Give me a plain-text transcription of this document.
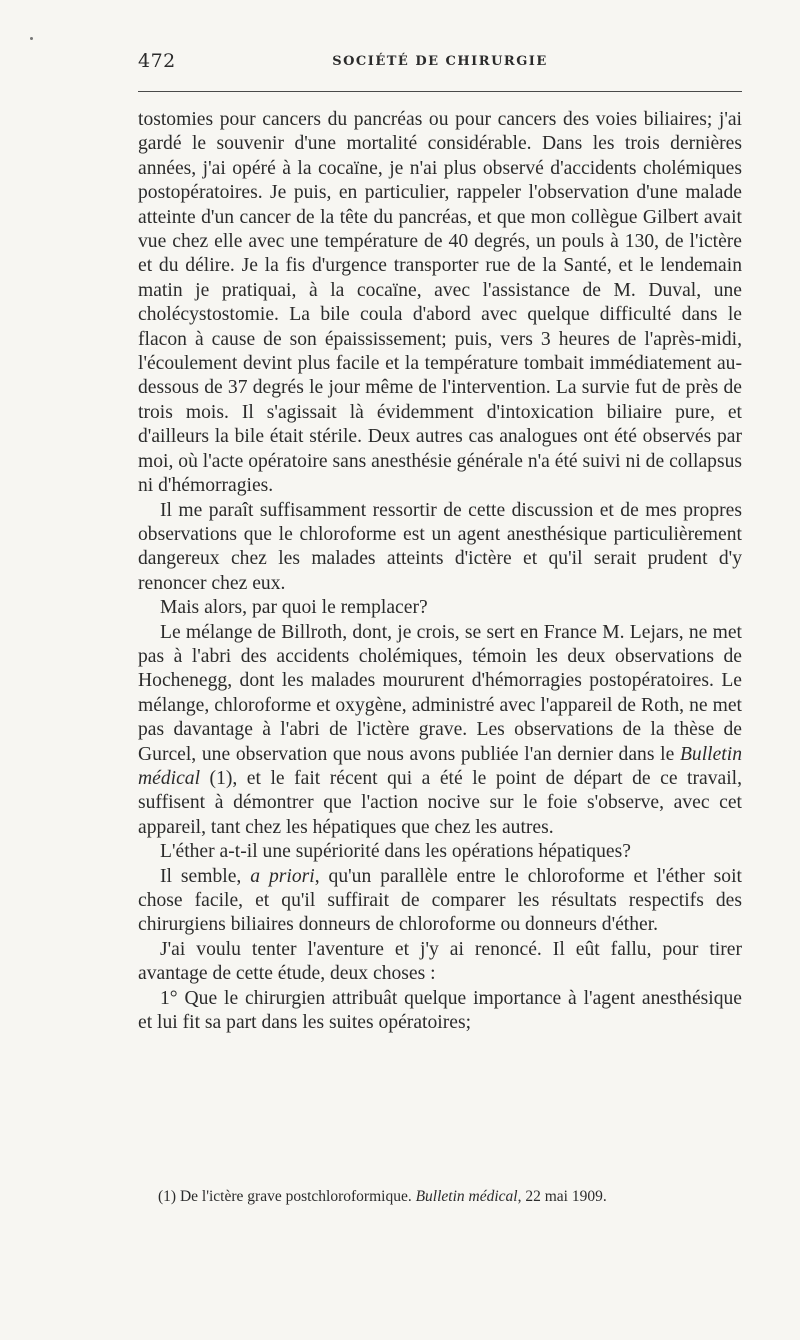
472	SOCIÉTÉ DE CHIRURGIE

tostomies pour cancers du pancréas ou pour cancers des voies biliaires; j'ai gardé le souvenir d'une mortalité considérable. Dans les trois dernières années, j'ai opéré à la cocaïne, je n'ai plus observé d'accidents cholémiques postopératoires. Je puis, en particulier, rappeler l'observation d'une malade atteinte d'un cancer de la tête du pancréas, et que mon collègue Gilbert avait vue chez elle avec une température de 40 degrés, un pouls à 130, de l'ictère et du délire. Je la fis d'urgence transporter rue de la Santé, et le lendemain matin je pratiquai, à la cocaïne, avec l'assistance de M. Duval, une cholécystostomie. La bile coula d'abord avec quelque difficulté dans le flacon à cause de son épaississement; puis, vers 3 heures de l'après-midi, l'écoulement devint plus facile et la température tombait immédiatement au-dessous de 37 degrés le jour même de l'intervention. La survie fut de près de trois mois. Il s'agissait là évidemment d'intoxication biliaire pure, et d'ailleurs la bile était stérile. Deux autres cas analogues ont été observés par moi, où l'acte opératoire sans anesthésie générale n'a été suivi ni de collapsus ni d'hémorragies.

Il me paraît suffisamment ressortir de cette discussion et de mes propres observations que le chloroforme est un agent anesthésique particulièrement dangereux chez les malades atteints d'ictère et qu'il serait prudent d'y renoncer chez eux.

Mais alors, par quoi le remplacer?

Le mélange de Billroth, dont, je crois, se sert en France M. Lejars, ne met pas à l'abri des accidents cholémiques, témoin les deux observations de Hochenegg, dont les malades moururent d'hémorragies postopératoires. Le mélange, chloroforme et oxygène, administré avec l'appareil de Roth, ne met pas davantage à l'abri de l'ictère grave. Les observations de la thèse de Gurcel, une observation que nous avons publiée l'an dernier dans le Bulletin médical (1), et le fait récent qui a été le point de départ de ce travail, suffisent à démontrer que l'action nocive sur le foie s'observe, avec cet appareil, tant chez les hépatiques que chez les autres.

L'éther a-t-il une supériorité dans les opérations hépatiques?

Il semble, a priori, qu'un parallèle entre le chloroforme et l'éther soit chose facile, et qu'il suffirait de comparer les résultats respectifs des chirurgiens biliaires donneurs de chloroforme ou donneurs d'éther.

J'ai voulu tenter l'aventure et j'y ai renoncé. Il eût fallu, pour tirer avantage de cette étude, deux choses :

1° Que le chirurgien attribuât quelque importance à l'agent anesthésique et lui fit sa part dans les suites opératoires;

(1) De l'ictère grave postchloroformique. Bulletin médical, 22 mai 1909.
